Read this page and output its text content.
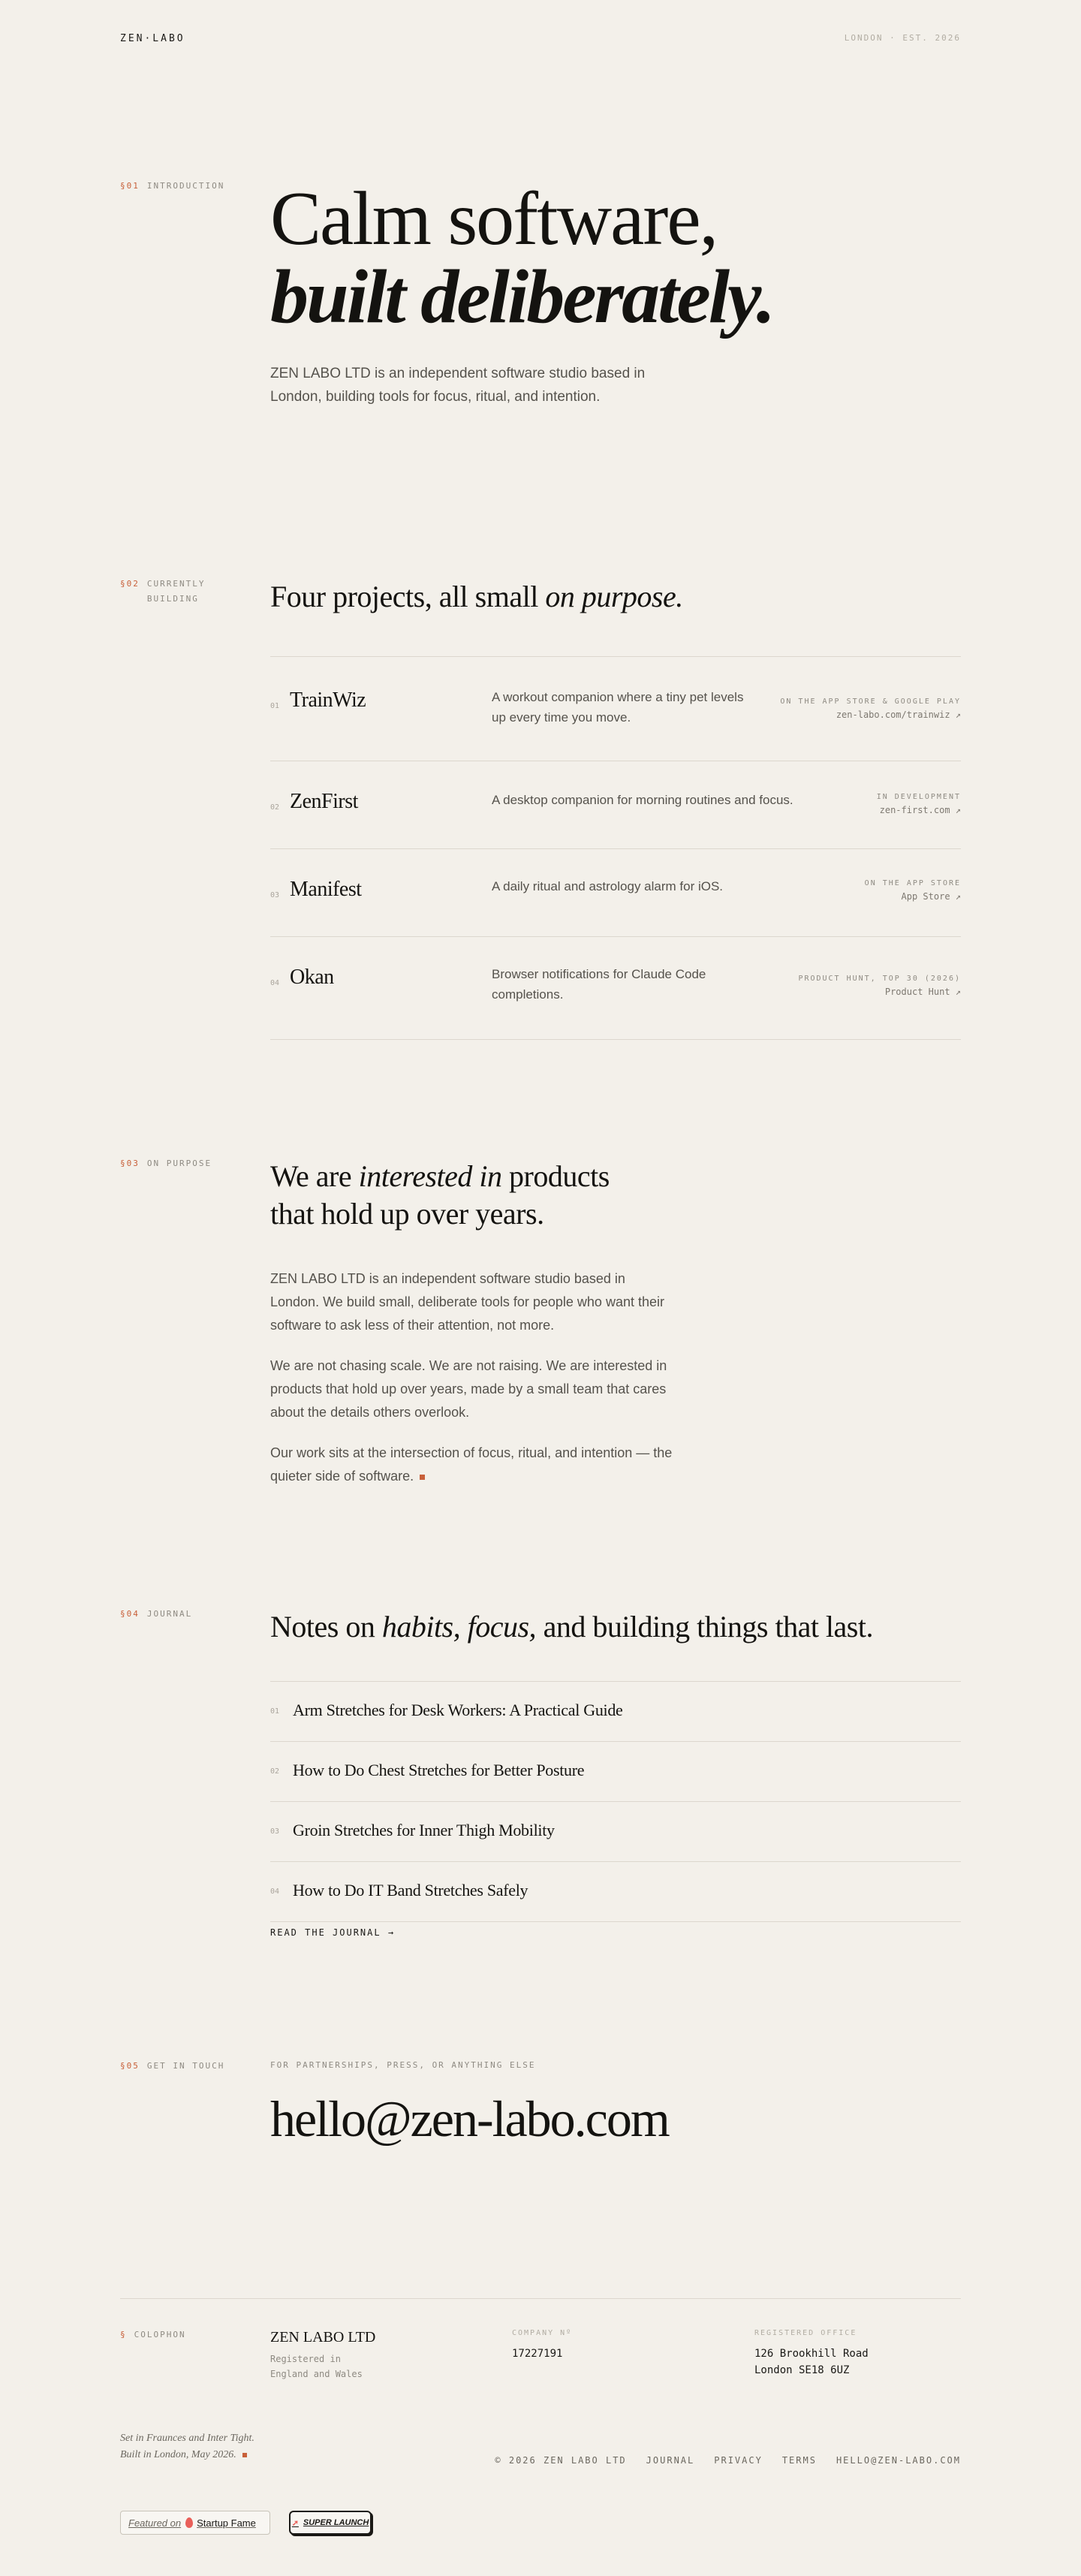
ZEN·LABO	LONDON · EST. 2026
§01 INTRODUCTION Calm software,
built deliberately.

ZEN LABO LTD is an independent software studio based in London, building tools for focus, ritual, and intention.

§02 CURRENTLY
BUILDING Four projects, all small on purpose.
01 TrainWiz	A workout companion where a tiny pet levels up every time you move.
ON THE APP STORE & GOOGLE PLAY
zen-labo.com/trainwiz ↗
02 ZenFirst	A desktop companion for morning routines and focus.	IN DEVELOPMENT
zen-first.com ↗
03 Manifest	A daily ritual and astrology alarm for iOS.	ON THE APP STORE
App Store ↗
04 Okan	Browser notifications for Claude Code completions.
PRODUCT HUNT, TOP 30 (2026)
Product Hunt ↗
§03 ON PURPOSE We are interested in products
that hold up over years.

ZEN LABO LTD is an independent software studio based in London. We build small, deliberate tools for people who want their software to ask less of their attention, not more.

We are not chasing scale. We are not raising. We are interested in products that hold up over years, made by a small team that cares about the details others overlook.

Our work sits at the intersection of focus, ritual, and intention — the quieter side of software.

§04 JOURNAL	Notes on habits, focus, and building things that last.
01 Arm Stretches for Desk Workers: A Practical Guide
02 How to Do Chest Stretches for Better Posture
03 Groin Stretches for Inner Thigh Mobility
04 How to Do IT Band Stretches Safely
READ THE JOURNAL →
§05 GET IN TOUCH	FOR PARTNERSHIPS, PRESS, OR ANYTHING ELSE
hello@zen-labo.com
§ COLOPHON	ZEN LABO LTD
Registered in
England and Wales
COMPANY Nº
17227191
REGISTERED OFFICE
126 Brookhill Road
London SE18 6UZ
Set in Fraunces and Inter Tight.
Built in London, May 2026.	© 2026 ZEN LABO LTD JOURNAL PRIVACY TERMS HELLO@ZEN-LABO.COM
Featured on Startup Fame	➚ SUPER LAUNCH
